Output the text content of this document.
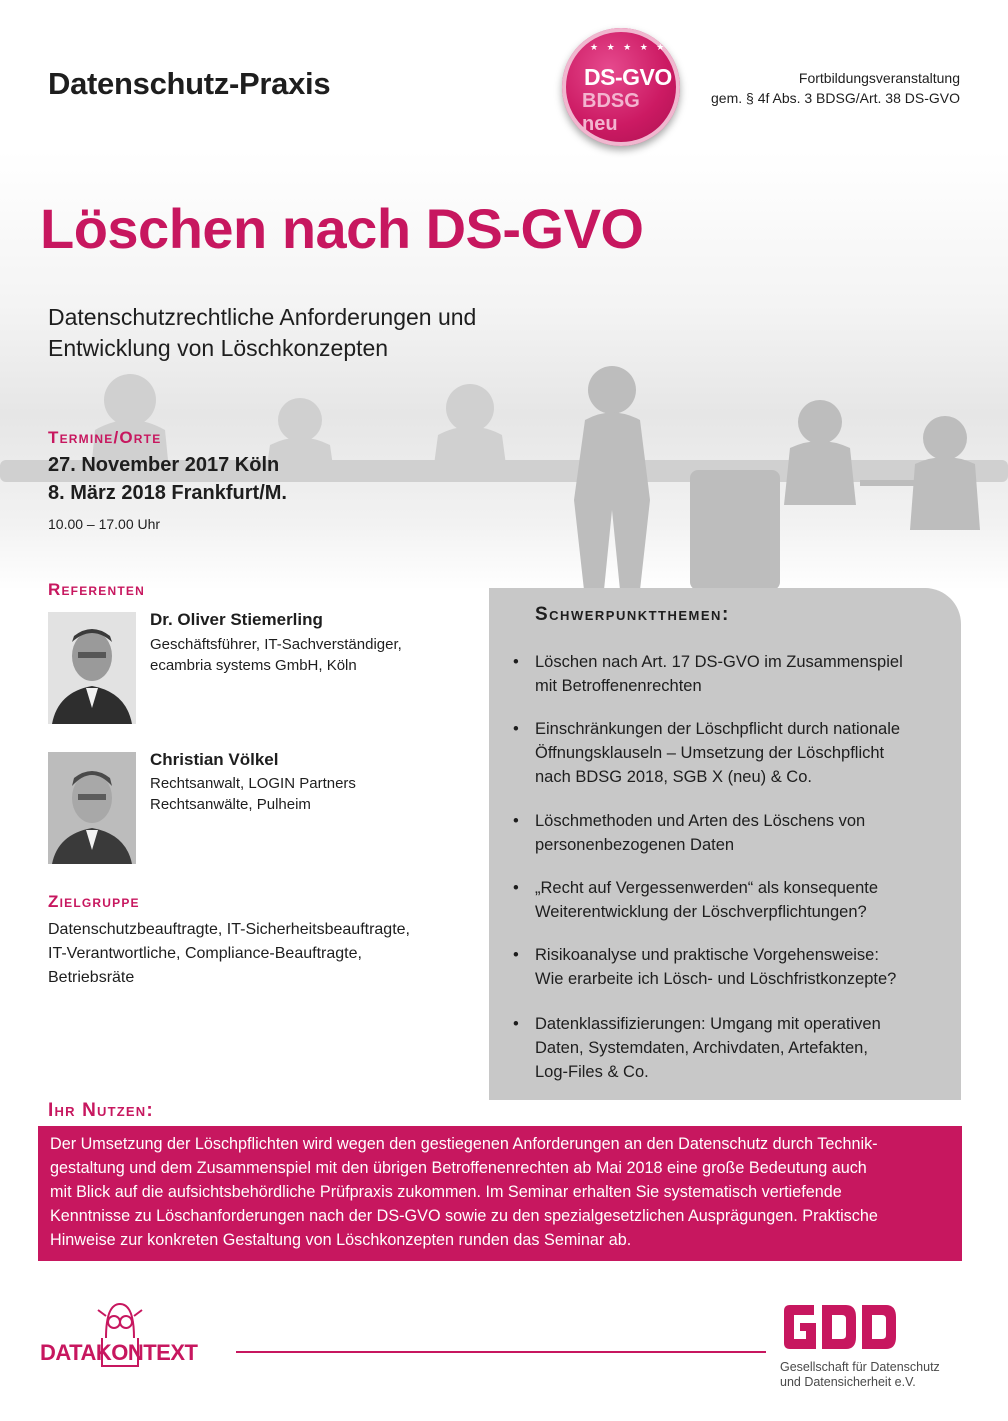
Datenschutz-Praxis
★ ★ ★ ★ ★
DS-GVO
BDSG neu
Fortbildungsveranstaltung
gem. § 4f Abs. 3 BDSG/Art. 38 DS-GVO
Löschen nach DS-GVO
Datenschutzrechtliche Anforderungen und
Entwicklung von Löschkonzepten
Termine/Orte
27. November 2017 Köln
8. März 2018 Frankfurt/M.
10.00 – 17.00 Uhr
Referenten
Dr. Oliver Stiemerling
Geschäftsführer, IT-Sachverständiger,
ecambria systems GmbH, Köln
Christian Völkel
Rechtsanwalt, LOGIN Partners
Rechtsanwälte, Pulheim
Zielgruppe
Datenschutzbeauftragte, IT-Sicherheitsbeauftragte,
IT-Verantwortliche, Compliance-Beauftragte,
Betriebsräte
Schwerpunktthemen:
• Löschen nach Art. 17 DS-GVO im Zusammenspiel
mit Betroffenenrechten
• Einschränkungen der Löschpflicht durch nationale
Öffnungsklauseln – Umsetzung der Löschpflicht
nach BDSG 2018, SGB X (neu) & Co.
• Löschmethoden und Arten des Löschens von
personenbezogenen Daten
• „Recht auf Vergessenwerden“ als konsequente
Weiterentwicklung der Löschverpflichtungen?
• Risikoanalyse und praktische Vorgehensweise:
Wie erarbeite ich Lösch- und Löschfristkonzepte?
• Datenklassifizierungen: Umgang mit operativen
Daten, Systemdaten, Archivdaten, Artefakten,
Log-Files & Co.
Ihr Nutzen:
Der Umsetzung der Löschpflichten wird wegen den gestiegenen Anforderungen an den Datenschutz durch Technik-
gestaltung und dem Zusammenspiel mit den übrigen Betroffenenrechten ab Mai 2018 eine große Bedeutung auch
mit Blick auf die aufsichtsbehördliche Prüfpraxis zukommen. Im Seminar erhalten Sie systematisch vertiefende
Kenntnisse zu Löschanforderungen nach der DS-GVO sowie zu den spezialgesetzlichen Ausprägungen. Praktische
Hinweise zur konkreten Gestaltung von Löschkonzepten runden das Seminar ab.
DATAKONTEXT
Gesellschaft für Datenschutz
und Datensicherheit e.V.
